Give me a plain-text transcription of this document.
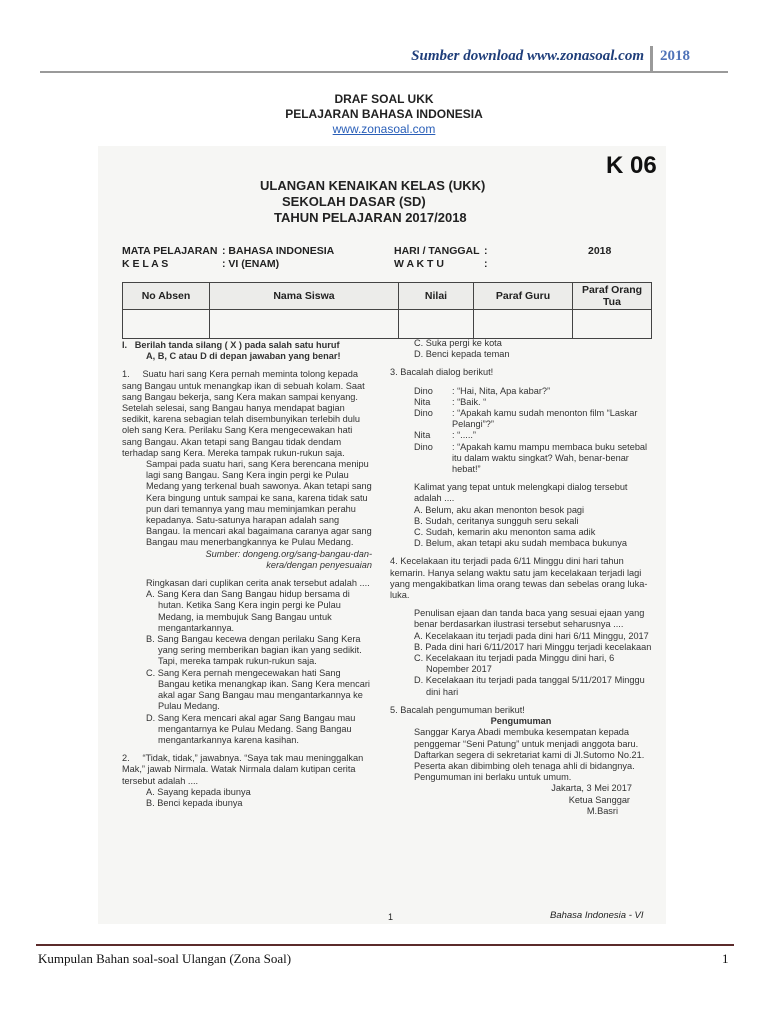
Sumber download www.zonasoal.com 2018
DRAF SOAL UKK
PELAJARAN BAHASA INDONESIA
www.zonasoal.com
K 06
ULANGAN KENAIKAN KELAS (UKK)
SEKOLAH DASAR (SD)
TAHUN PELAJARAN 2017/2018
MATA PELAJARAN : BAHASA INDONESIA	HARI / TANGGAL :	2018
K E L A S	: VI (ENAM)	W A K T U	:
No Absen	Nama Siswa	Nilai	Paraf Guru	Paraf Orang Tua

I. Berilah tanda silang ( X ) pada salah satu huruf

A, B, C atau D di depan jawaban yang benar!

1. Suatu hari sang Kera pernah meminta tolong kepada sang Bangau untuk menangkap ikan di sebuah kolam. Saat sang Bangau bekerja, sang Kera makan sampai kenyang. Setelah selesai, sang Bangau hanya mendapat bagian sedikit, karena sebagian telah disembunyikan terlebih dulu oleh sang Kera. Perilaku Sang Kera mengecewakan hati sang Bangau. Akan tetapi sang Bangau tidak dendam terhadap sang Kera. Mereka tampak rukun-rukun saja.

Sampai pada suatu hari, sang Kera berencana menipu lagi sang Bangau. Sang Kera ingin pergi ke Pulau Medang yang terkenal buah sawonya. Akan tetapi sang Kera bingung untuk sampai ke sana, karena tidak satu pun dari temannya yang mau meminjamkan perahu kepadanya. Satu-satunya harapan adalah sang Bangau. Ia mencari akal bagaimana caranya agar sang Bangau mau menerbangkannya ke Pulau Medang.

Sumber: dongeng.org/sang-bangau-dan-

kera/dengan penyesuaian

Ringkasan dari cuplikan cerita anak tersebut adalah ....

A. Sang Kera dan Sang Bangau hidup bersama di hutan. Ketika Sang Kera ingin pergi ke Pulau Medang, ia membujuk Sang Bangau untuk mengantarkannya.

B. Sang Bangau kecewa dengan perilaku Sang Kera yang sering memberikan bagian ikan yang sedikit. Tapi, mereka tampak rukun-rukun saja.

C. Sang Kera pernah mengecewakan hati Sang Bangau ketika menangkap ikan. Sang Kera mencari akal agar Sang Bangau mau mengantarkannya ke Pulau Medang.

D. Sang Kera mencari akal agar Sang Bangau mau mengantarnya ke Pulau Medang. Sang Bangau mengantarkannya karena kasihan.

2. “Tidak, tidak,” jawabnya. “Saya tak mau meninggalkan Mak,” jawab Nirmala. Watak Nirmala dalam kutipan cerita tersebut adalah ....

A. Sayang kepada ibunya

B. Benci kepada ibunya

C. Suka pergi ke kota

D. Benci kepada teman

3. Bacalah dialog berikut!

Dino	: “Hai, Nita, Apa kabar?”
Nita	: “Baik. “
Dino	: “Apakah kamu sudah menonton film “Laskar Pelangi”?”
Nita	: “.....”
Dino	: “Apakah kamu mampu membaca buku setebal itu dalam waktu singkat? Wah, benar-benar hebat!”

Kalimat yang tepat untuk melengkapi dialog tersebut adalah ....

A. Belum, aku akan menonton besok pagi

B. Sudah, ceritanya sungguh seru sekali

C. Sudah, kemarin aku menonton sama adik

D. Belum, akan tetapi aku sudah membaca bukunya

4. Kecelakaan itu terjadi pada 6/11 Minggu dini hari tahun kemarin. Hanya selang waktu satu jam kecelakaan terjadi lagi yang mengakibatkan lima orang tewas dan sebelas orang luka-luka.

Penulisan ejaan dan tanda baca yang sesuai ejaan yang benar berdasarkan ilustrasi tersebut seharusnya ....

A. Kecelakaan itu terjadi pada dini hari 6/11 Minggu, 2017

B. Pada dini hari 6/11/2017 hari Minggu terjadi kecelakaan

C. Kecelakaan itu terjadi pada Minggu dini hari, 6 Nopember 2017

D. Kecelakaan itu terjadi pada tanggal 5/11/2017 Minggu dini hari

5. Bacalah pengumuman berikut!

Pengumuman

Sanggar Karya Abadi membuka kesempatan kepada penggemar “Seni Patung” untuk menjadi anggota baru. Daftarkan segera di sekretariat kami di Jl.Sutomo No.21. Peserta akan dibimbing oleh tenaga ahli di bidangnya.

Pengumuman ini berlaku untuk umum.

Jakarta, 3 Mei 2017

Ketua Sanggar

M.Basri

1	Bahasa Indonesia - VI
Kumpulan Bahan soal-soal Ulangan (Zona Soal)	1
